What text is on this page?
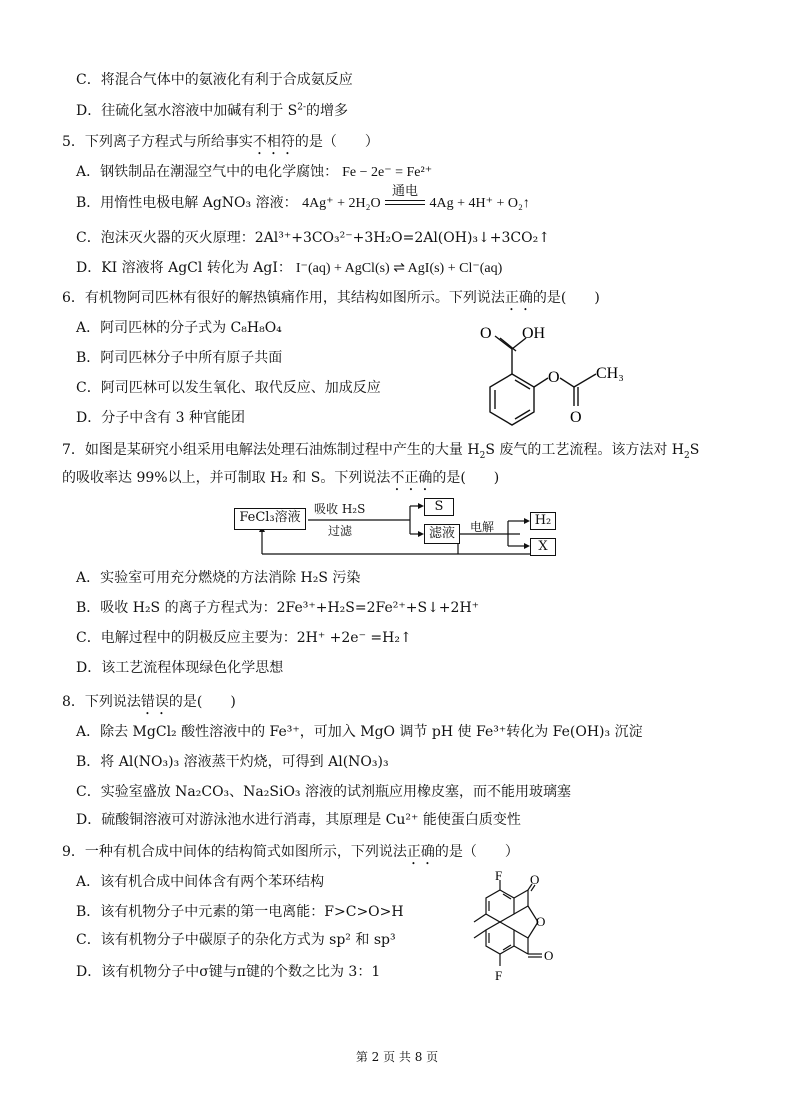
C．将混合气体中的氨液化有利于合成氨反应
D．往硫化氢水溶液中加碱有利于 $S^{2-}$的增多
5．下列离子方程式与所给事实不相符的是（　　）
A．钢铁制品在潮湿空气中的电化学腐蚀： Fe − 2e⁻ = Fe²⁺
B．用惰性电极电解 AgNO₃ 溶液： 4Ag⁺ + 2H₂O
通电
4Ag + 4H⁺ + O₂↑
C．泡沫灭火器的灭火原理：2Al³⁺+3CO₃²⁻+3H₂O=2Al(OH)₃↓+3CO₂↑
D．KI 溶液将 AgCl 转化为 AgI： I⁻(aq) + AgCl(s) ⇌ AgI(s) + Cl⁻(aq)
6．有机物阿司匹林有很好的解热镇痛作用，其结构如图所示。下列说法正确的是(　　)
A．阿司匹林的分子式为 C₈H₈O₄
B．阿司匹林分子中所有原子共面
C．阿司匹林可以发生氧化、取代反应、加成反应
D．分子中含有 3 种官能团
O OH
O
O
CH₃
7．如图是某研究小组采用电解法处理石油炼制过程中产生的大量 $H_2S$ 废气的工艺流程。该方法对 $H_2S$
的吸收率达 99%以上，并可制取 H₂ 和 S。下列说法不正确的是(　　)
FeCl₃溶液
吸收 H₂S
过滤
S
滤液	电解	H₂
X
A．实验室可用充分燃烧的方法消除 H₂S 污染
B．吸收 H₂S 的离子方程式为：2Fe³⁺+H₂S=2Fe²⁺+S↓+2H⁺
C．电解过程中的阴极反应主要为：2H⁺ +2e⁻ =H₂↑
D．该工艺流程体现绿色化学思想
8．下列说法错误的是(　　)
A．除去 MgCl₂ 酸性溶液中的 Fe³⁺，可加入 MgO 调节 pH 使 Fe³⁺转化为 Fe(OH)₃ 沉淀
B．将 Al(NO₃)₃ 溶液蒸干灼烧，可得到 Al(NO₃)₃
C．实验室盛放 Na₂CO₃、Na₂SiO₃ 溶液的试剂瓶应用橡皮塞，而不能用玻璃塞
D．硫酸铜溶液可对游泳池水进行消毒，其原理是 Cu²⁺ 能使蛋白质变性
9．一种有机合成中间体的结构简式如图所示，下列说法正确的是（　　）
A．该有机合成中间体含有两个苯环结构
B．该有机物分子中元素的第一电离能：F>C>O>H
C．该有机物分子中碳原子的杂化方式为 sp² 和 sp³
D．该有机物分子中σ键与π键的个数之比为 3：1
F
F
O
O
O
第 2 页 共 8 页
